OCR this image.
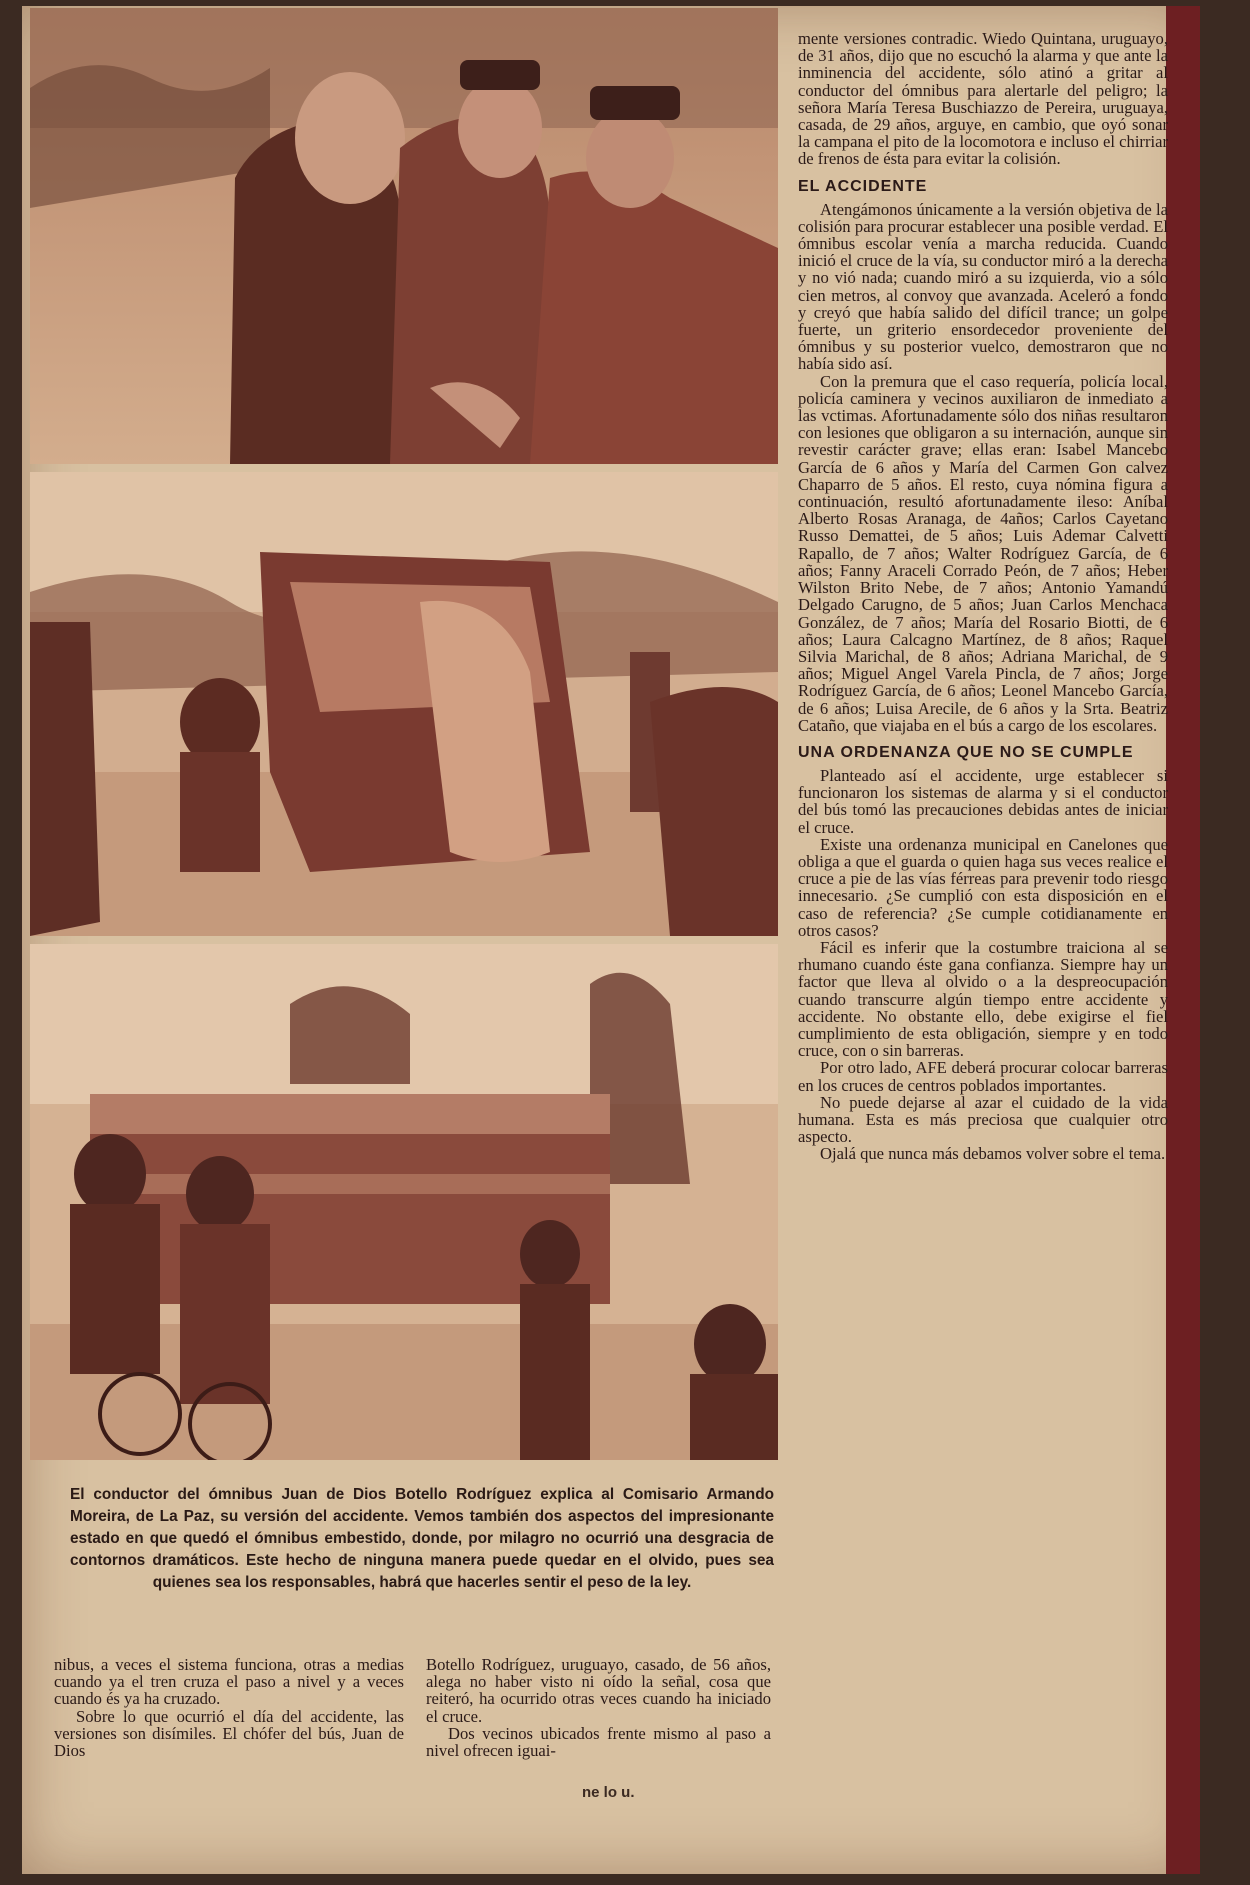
El conductor del ómnibus Juan de Dios Botello Rodríguez explica al Comisario Armando Moreira, de La Paz, su versión del accidente. Vemos también dos aspectos del impresionante estado en que quedó el ómnibus embestido, donde, por milagro no ocurrió una desgracia de contornos dramáticos. Este hecho de ninguna manera puede quedar en el olvido, pues sea quienes sea los responsables, habrá que hacerles sentir el peso de la ley.

mente versiones contradic. Wiedo Quintana, uruguayo, de 31 años, dijo que no escuchó la alarma y que ante la inminencia del accidente, sólo atinó a gritar al conductor del ómnibus para alertarle del peligro; la señora María Teresa Buschiazzo de Pereira, uruguaya, casada, de 29 años, arguye, en cambio, que oyó sonar la campana el pito de la locomotora e incluso el chirriar de frenos de ésta para evitar la colisión.

EL ACCIDENTE

Atengámonos únicamente a la versión objetiva de la colisión para procurar establecer una posible verdad. El ómnibus escolar venía a marcha reducida. Cuando inició el cruce de la vía, su conductor miró a la derecha y no vió nada; cuando miró a su izquierda, vio a sólo cien metros, al convoy que avanzada. Aceleró a fondo y creyó que había salido del difícil trance; un golpe fuerte, un griterio ensordecedor proveniente del ómnibus y su posterior vuelco, demostraron que no había sido así.

Con la premura que el caso requería, policía local, policía caminera y vecinos auxiliaron de inmediato a las vctimas. Afortunadamente sólo dos niñas resultaron con lesiones que obligaron a su internación, aunque sin revestir carácter grave; ellas eran: Isabel Mancebo García de 6 años y María del Carmen Gon calvez Chaparro de 5 años. El resto, cuya nómina figura a continuación, resultó afortunadamente ileso: Aníbal Alberto Rosas Aranaga, de 4años; Carlos Cayetano Russo Demattei, de 5 años; Luis Ademar Calvetti Rapallo, de 7 años; Walter Rodríguez García, de 6 años; Fanny Araceli Corrado Peón, de 7 años; Heber Wilston Brito Nebe, de 7 años; Antonio Yamandú Delgado Carugno, de 5 años; Juan Carlos Menchaca González, de 7 años; María del Rosario Biotti, de 6 años; Laura Calcagno Martínez, de 8 años; Raquel Silvia Marichal, de 8 años; Adriana Marichal, de 9 años; Miguel Angel Varela Pincla, de 7 años; Jorge Rodríguez García, de 6 años; Leonel Mancebo García, de 6 años; Luisa Arecile, de 6 años y la Srta. Beatriz Cataño, que viajaba en el bús a cargo de los escolares.

UNA ORDENANZA QUE NO SE CUMPLE

Planteado así el accidente, urge establecer si funcionaron los sistemas de alarma y si el conductor del bús tomó las precauciones debidas antes de iniciar el cruce.

Existe una ordenanza municipal en Canelones que obliga a que el guarda o quien haga sus veces realice el cruce a pie de las vías férreas para prevenir todo riesgo innecesario. ¿Se cumplió con esta disposición en el caso de referencia? ¿Se cumple cotidianamente en otros casos?

Fácil es inferir que la costumbre traiciona al se rhumano cuando éste gana confianza. Siempre hay un factor que lleva al olvido o a la despreocupación cuando transcurre algún tiempo entre accidente y accidente. No obstante ello, debe exigirse el fiel cumplimiento de esta obligación, siempre y en todo cruce, con o sin barreras.

Por otro lado, AFE deberá procurar colocar barreras en los cruces de centros poblados importantes.

No puede dejarse al azar el cuidado de la vida humana. Esta es más preciosa que cualquier otro aspecto.

Ojalá que nunca más debamos volver sobre el tema.

nibus, a veces el sistema funciona, otras a medias cuando ya el tren cruza el paso a nivel y a veces cuando és ya ha cruzado.

Sobre lo que ocurrió el día del accidente, las versiones son disímiles. El chófer del bús, Juan de Dios

Botello Rodríguez, uruguayo, casado, de 56 años, alega no haber visto ni oído la señal, cosa que reiteró, ha ocurrido otras veces cuando ha iniciado el cruce.

Dos vecinos ubicados frente mismo al paso a nivel ofrecen iguai-

ne lo u.
